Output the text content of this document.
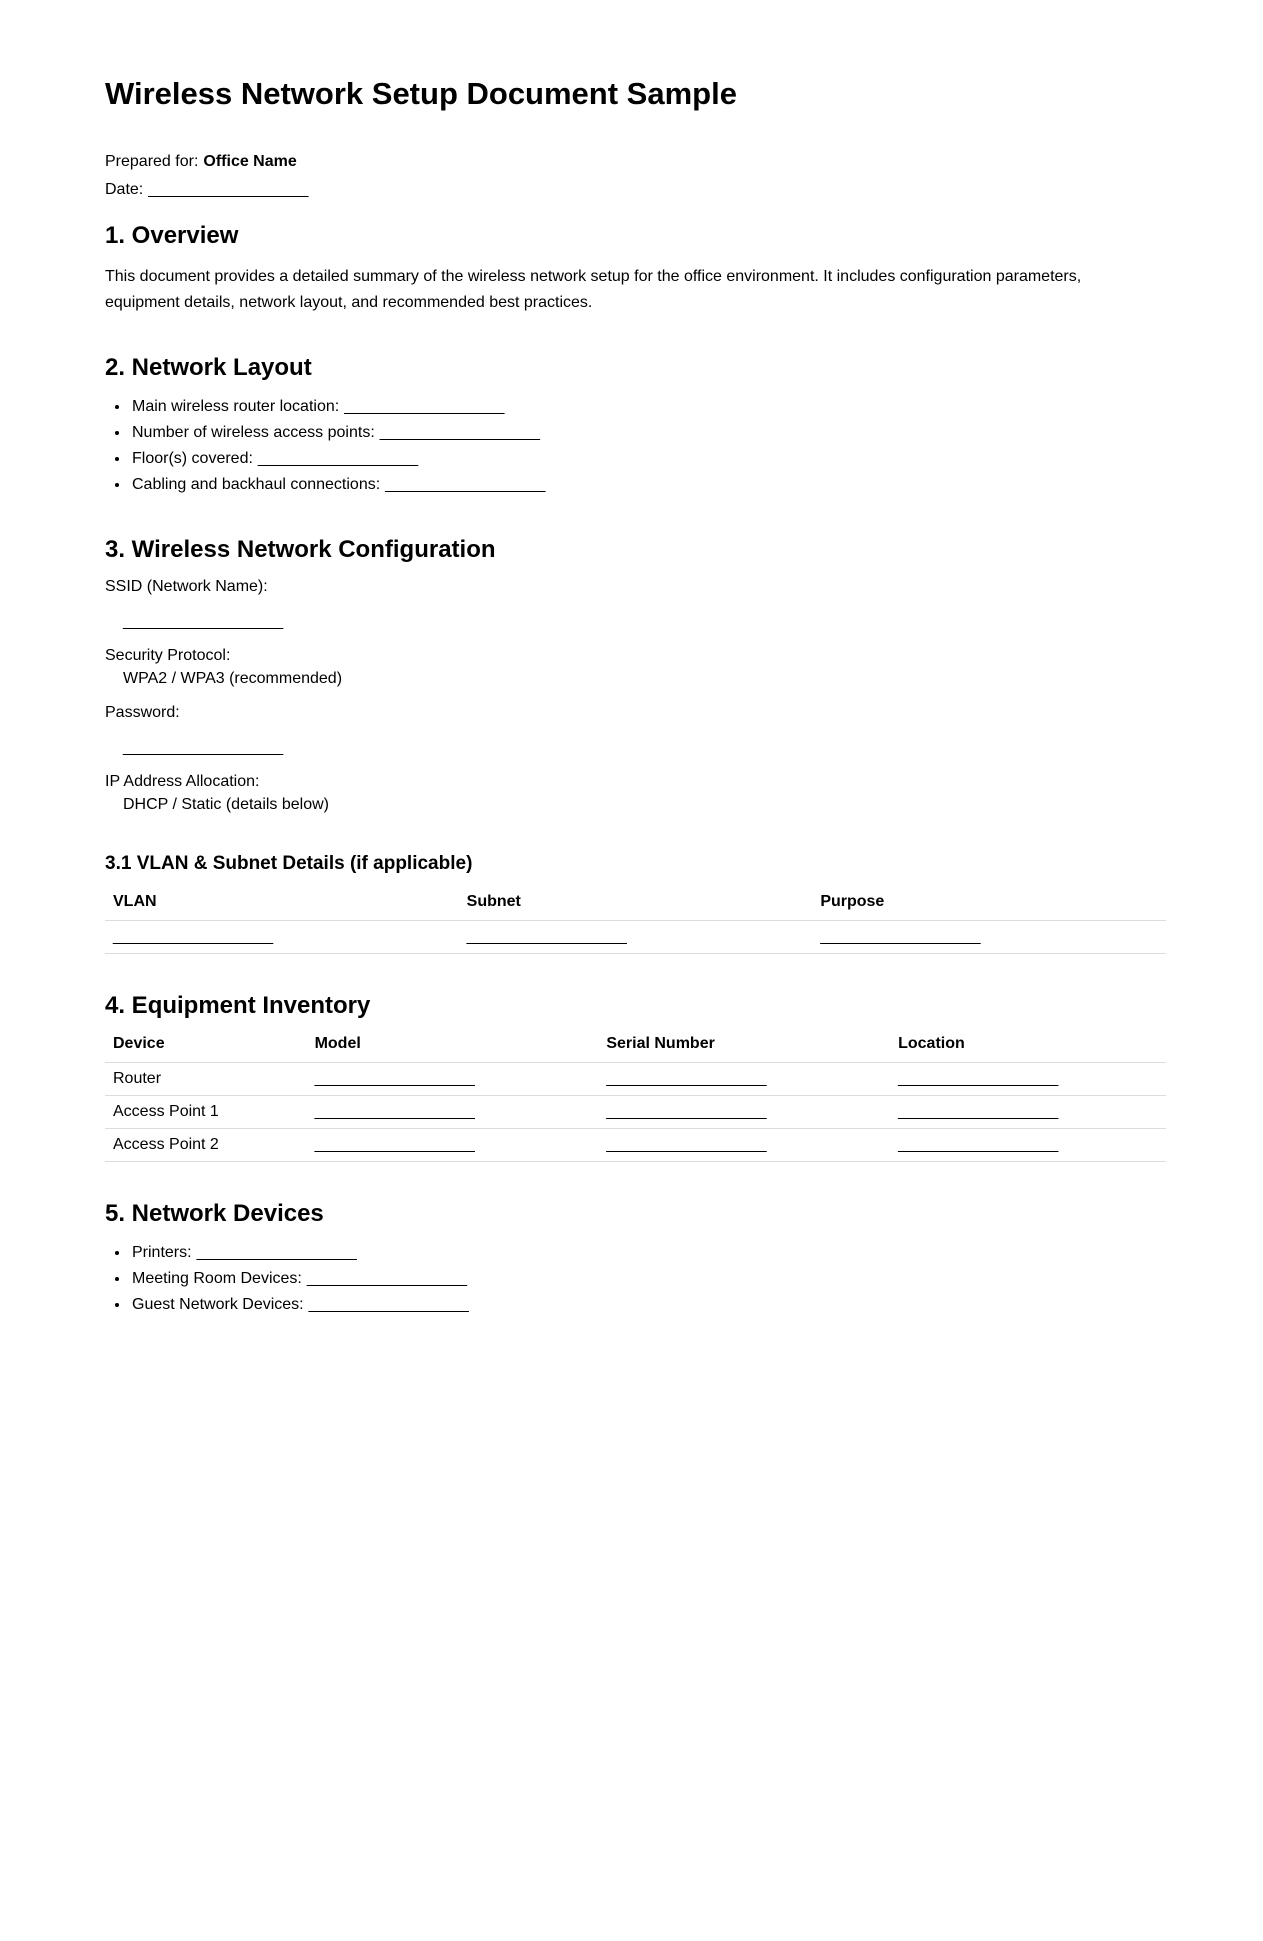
Wireless Network Setup Document Sample
Prepared for: Office Name
Date: __________________
1. Overview

This document provides a detailed summary of the wireless network setup for the office environment. It includes configuration parameters, equipment details, network layout, and recommended best practices.

2. Network Layout
Main wireless router location: __________________
Number of wireless access points: __________________
Floor(s) covered: __________________
Cabling and backhaul connections: __________________
3. Wireless Network Configuration

SSID (Network Name):

__________________

Security Protocol:

WPA2 / WPA3 (recommended)

Password:

__________________

IP Address Allocation:

DHCP / Static (details below)

3.1 VLAN & Subnet Details (if applicable)
VLAN	Subnet	Purpose
__________________	__________________	__________________
4. Equipment Inventory
Device	Model	Serial Number	Location
Router	__________________	__________________	__________________
Access Point 1	__________________	__________________	__________________
Access Point 2	__________________	__________________	__________________
5. Network Devices
Printers: __________________
Meeting Room Devices: __________________
Guest Network Devices: __________________
